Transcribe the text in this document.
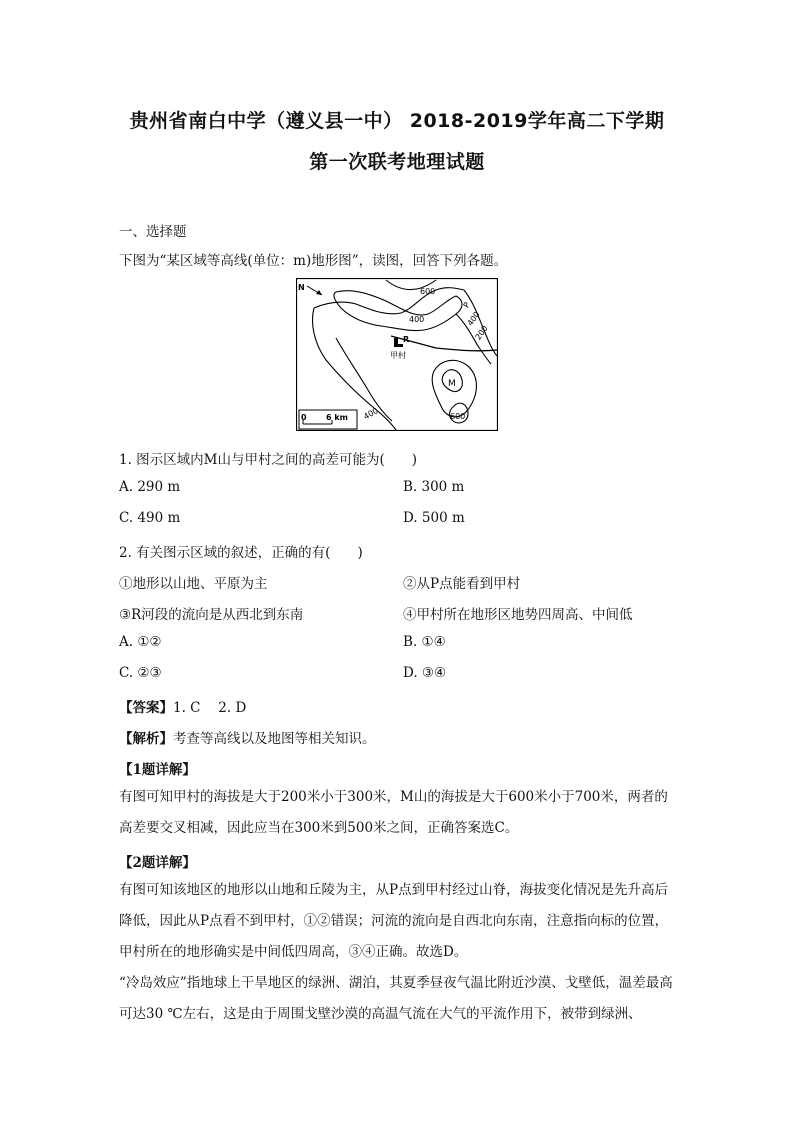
贵州省南白中学（遵义县一中） 2018-2019学年高二下学期
第一次联考地理试题
一、选择题
下图为“某区域等高线(单位：m)地形图”，读图，回答下列各题。
N	600
400
P
400
200
R
甲村
M
400	600
0 6 km
1. 图示区域内M山与甲村之间的高差可能为(　　)
A. 290 m	B. 300 m
C. 490 m	D. 500 m
2. 有关图示区域的叙述，正确的有(　　)
①地形以山地、平原为主	②从P点能看到甲村
③R河段的流向是从西北到东南	④甲村所在地形区地势四周高、中间低
A. ①②	B. ①④
C. ②③	D. ③④
【答案】1. C　 2. D
【解析】考查等高线以及地图等相关知识。
【1题详解】
有图可知甲村的海拔是大于200米小于300米，M山的海拔是大于600米小于700米，两者的高差要交叉相减，因此应当在300米到500米之间，正确答案选C。
【2题详解】
有图可知该地区的地形以山地和丘陵为主，从P点到甲村经过山脊，海拔变化情况是先升高后降低，因此从P点看不到甲村，①②错误；河流的流向是自西北向东南，注意指向标的位置，甲村所在的地形确实是中间低四周高，③④正确。故选D。
“冷岛效应”指地球上干旱地区的绿洲、湖泊，其夏季昼夜气温比附近沙漠、戈壁低，温差最高可达30 ℃左右，这是由于周围戈壁沙漠的高温气流在大气的平流作用下，被带到绿洲、
